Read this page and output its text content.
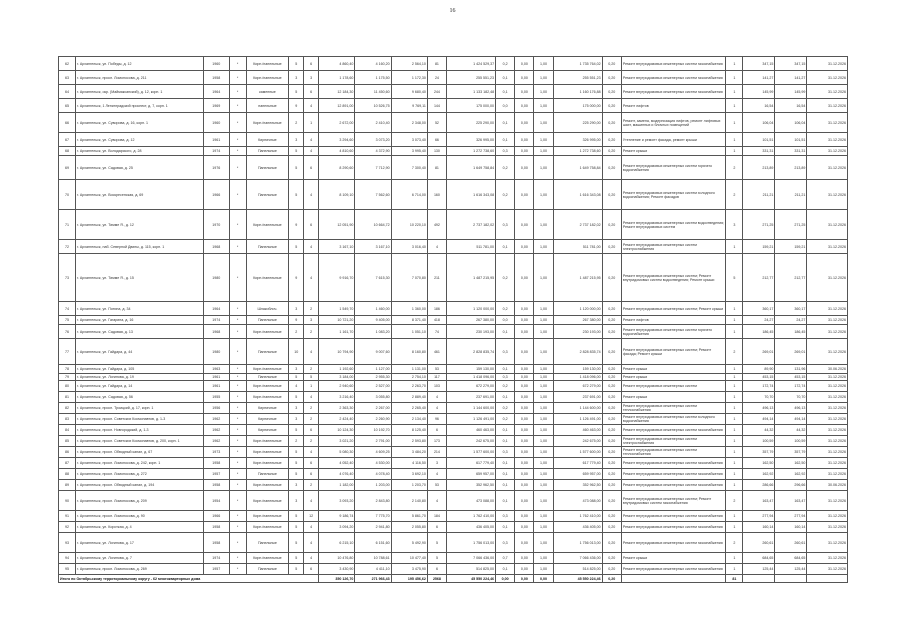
16
62	г. Архангельск, ул. Победы, д. 12	1960	*	Кирп./панельные	5	6	4 860,40	4 160,20	2 564,10	81	1 424 529,37	0,2	0,00	1,00	1 735 764,02	0,20	Ремонт внутридомовых инженерных систем газоснабжения	1	347,15	347,15	31.12.2026
63	г. Архангельск, просп. Ломоносова, д. 211	1958	*	Кирп./панельные	3	3	1 178,60	1 175,50	1 172,30	24	255 551,23	0,1	0,00	1,00	255 551,23	0,20	Ремонт внутридомовых инженерных систем газоснабжения	1	141,27	141,27	31.12.2026
64	г. Архангельск, окр. (Маймаксанский), д. 12, корп. 1	1964	*	каменные	5	6	12 184,30	11 450,60	9 680,40	244	1 133 182,48	0,1	0,00	1,00	1 160 176,88	0,20	Ремонт внутридомовых инженерных систем газоснабжения	1	145,99	145,99	31.12.2026
65	г. Архангельск, 1 Ленинградский проспект, д. 7, корп. 1	1969	*	панельные	9	4	12 891,00	10 526,75	9 769,11	144	175 000,00	0,0	0,00	1,00	175 000,00	0,20	Ремонт лифтов	1	16,54	16,54	31.12.2026
66	г. Архангельск, ул. Суворова, д. 16, корп. 1	1960	*	Кирп./панельные	2	1	2 672,00	2 410,40	2 348,00	52	225 290,00	0,1	0,00	1,00	225 290,00	0,20	Ремонт, замена, модернизация лифтов, ремонт лифтовых шахт, машинных и блочных помещений	1	106,04	106,04	31.12.2026
67	г. Архангельск, ул. Суворова, д. 12	1961	*	Кирпичные	3	4	3 294,60	3 073,20	3 073,40	66	326 995,00	0,1	0,00	1,00	326 995,00	0,20	Утепление и ремонт фасада, ремонт крыши	1	101,51	101,51	31.12.2026
68	г. Архангельск, ул. Володарского, д. 28	1974	*	Панельные	5	4	4 810,60	4 372,90	3 995,40	130	1 272 738,60	0,3	0,00	1,00	1 272 738,60	0,20	Ремонт крыши	1	331,31	331,31	31.12.2026
69	г. Архангельск, ул. Садовая, д. 25	1976	*	Панельные	5	6	8 290,60	7 712,90	7 300,40	81	1 649 758,84	0,2	0,00	1,00	1 649 758,84	0,20	Ремонт внутридомовых инженерных систем горячего водоснабжения	2	213,89	213,89	31.12.2026
70	г. Архангельск, ул. Воскресенская, д. 69	1966	*	Панельные	5	4	8 109,10	7 562,60	6 714,00	160	1 616 343,08	0,2	0,00	1,00	1 616 343,08	0,20	Ремонт внутридомовых инженерных систем холодного водоснабжения; Ремонт фасадов	2	211,21	211,21	31.12.2026
71	г. Архангельск, ул. Тимме Я., д. 12	1970	*	Кирп./панельные	9	6	12 051,90	10 664,72	10 220,10	492	2 737 182,02	0,3	0,00	1,00	2 737 182,02	0,20	Ремонт внутридомовых инженерных систем водоотведения; Ремонт внутридомовых систем	3	271,25	271,25	31.12.2026
72	г. Архангельск, наб. Северной Двины, д. 115, корп. 1	1968	*	Панельные	5	4	3 167,10	3 167,10	3 016,40	4	511 781,00	0,1	0,00	1,00	511 781,00	0,20	Ремонт внутридомовых инженерных систем электроснабжения	1	159,21	159,21	31.12.2026
73	г. Архангельск, ул. Тимме Я., д. 15	1980	*	Кирп./панельные	9	4	9 916,70	7 615,30	7 070,80	211	1 487 215,95	0,2	0,00	1,00	1 487 215,95	0,20	Ремонт внутридомовых инженерных систем; Ремонт внутридомовых систем водоотведения; Ремонт крыши	5	212,77	212,77	31.12.2026
74	г. Архангельск, ул. Потина, д. 34	1964	*	Шлакоблоч.	3	2	1 549,70	1 460,00	1 360,00	186	1 120 000,00	0,2	0,00	1,00	1 120 000,00	0,20	Ремонт внутридомовых инженерных систем; Ремонт крыши	1	360,17	360,17	31.12.2026
75	г. Архангельск, ул. Гагарина, д. 16	1974	*	Панельные	9	3	10 721,20	9 405,00	8 371,40	418	267 380,00	0,0	0,00	1,00	267 380,00	0,20	Ремонт лифтов	1	24,27	24,27	31.12.2026
76	г. Архангельск, ул. Садовая, д. 13	1968	*	Кирп./панельные	2	2	1 161,70	1 083,20	1 051,10	74	230 193,00	0,1	0,00	1,00	230 193,00	0,20	Ремонт внутридомовых инженерных систем горячего водоснабжения	1	186,45	186,45	31.12.2026
77	г. Архангельск, ул. Гайдара, д. 44	1980	*	Панельные	10	4	10 794,90	9 007,60	8 160,80	461	2 828 835,74	0,3	0,00	1,00	2 828 835,74	0,20	Ремонт внутридомовых инженерных систем; Ремонт фасада; Ремонт крыши	2	269,01	269,01	31.12.2026
78	г. Архангельск, ул. Гайдара, д. 105	1963	*	Кирп./панельные	3	2	1 192,60	1 127,00	1 131,00	53	159 130,00	0,1	0,00	1,00	159 130,00	0,20	Ремонт крыши	1	89,90	131,96	30.06.2026
79	г. Архангельск, ул. Логинова, д. 19	1961	*	Панельные	5	5	3 184,00	2 955,30	2 754,10	117	1 418 096,00	0,3	0,00	1,00	1 418 096,00	0,20	Ремонт крыши	1	453,15	453,15	31.12.2026
80	г. Архангельск, ул. Гайдара, д. 14	1961	*	Кирп./панельные	4	1	2 940,60	2 527,00	2 263,70	103	672 279,00	0,2	0,00	1,00	672 279,00	0,20	Ремонт внутридомовых инженерных систем	1	172,74	172,74	31.12.2026
81	г. Архангельск, ул. Садовая, д. 56	1955	*	Кирп./панельные	5	4	3 216,40	3 055,80	2 889,40	4	237 691,00	0,1	0,00	1,00	237 691,00	0,20	Ремонт крыши	1	70,70	70,70	31.12.2026
82	г. Архангельск, просп. Троицкий, д. 17, корп. 1	1956	*	Кирпичные	3	2	2 363,30	2 267,00	2 265,40	4	1 144 600,00	0,2	0,00	1,00	1 144 600,00	0,20	Ремонт внутридомовых инженерных систем теплоснабжения	1	496,13	496,13	31.12.2026
83	г. Архангельск, просп. Советских Космонавтов, д. 1-3	1962	*	Кирпичные	3	2	2 424,40	2 260,90	2 134,40	96	1 126 491,00	0,2	0,00	1,00	1 126 491,00	0,20	Ремонт внутридомовых инженерных систем холодного водоснабжения	1	494,14	494,14	31.12.2026
84	г. Архангельск, просп. Новгородский, д. 1-3	1962	*	Кирпичные	5	6	10 124,30	10 192,70	8 125,40	6	460 463,00	0,1	0,00	1,00	460 463,00	0,20	Ремонт внутридомовых инженерных систем газоснабжения	1	44,32	44,32	31.12.2026
85	г. Архангельск, просп. Советских Космонавтов, д. 200, корп. 1	1962	*	Кирп./панельные	2	2	3 021,20	2 791,00	2 593,80	173	242 675,00	0,1	0,00	1,00	242 675,00	0,20	Ремонт внутридомовых инженерных систем электроснабжения	1	100,59	100,59	31.12.2026
86	г. Архангельск, просп. Обводный канал, д. 67	1973	*	Кирп./панельные	5	4	5 080,30	4 609,25	3 484,20	214	1 577 600,00	0,3	0,00	1,00	1 577 600,00	0,20	Ремонт внутридомовых инженерных систем теплоснабжения	1	357,79	357,79	31.12.2026
87	г. Архангельск, просп. Ломоносова, д. 242, корп. 1	1958	*	Кирп./панельные	5	6	4 052,40	4 530,00	4 116,50	3	617 779,40	0,1	0,00	1,00	617 779,40	0,20	Ремонт внутридомовых инженерных систем газоснабжения	1	162,50	162,50	31.12.2026
88	г. Архангельск, просп. Ломоносова, д. 272	1957	*	Панельные	5	6	4 076,40	4 078,40	3 692,10	4	659 957,00	0,1	0,00	1,00	659 957,00	0,20	Ремонт внутридомовых инженерных систем газоснабжения	1	162,92	162,92	31.12.2026
89	г. Архангельск, просп. Обводный канал, д. 194	1958	*	Кирп./панельные	3	2	1 182,00	1 203,00	1 203,70	53	352 962,50	0,1	0,00	1,00	352 962,50	0,20	Ремонт внутридомовых инженерных систем газоснабжения	1	286,66	296,66	30.06.2026
90	г. Архангельск, просп. Ломоносова, д. 209	1954	*	Кирп./панельные	3	4	3 093,20	2 843,80	2 140,80	4	473 088,00	0,1	0,00	1,00	473 088,00	0,20	Ремонт внутридомовых инженерных систем; Ремонт внутридомовых систем газоснабжения	2	163,47	163,47	31.12.2026
91	г. Архангельск, просп. Ломоносова, д. 90	1966	*	Кирп./панельные	5	12	9 186,74	7 775,70	5 861,70	184	1 762 410,00	0,3	0,00	1,00	1 762 410,00	0,20	Ремонт внутридомовых инженерных систем газоснабжения	1	277,94	277,94	31.12.2026
92	г. Архангельск, ул. Короткая, д. 4	1958	*	Кирп./панельные	5	4	3 094,20	2 941,80	2 055,80	6	436 405,00	0,1	0,00	1,00	436 405,00	0,20	Ремонт внутридомовых инженерных систем газоснабжения	1	160,14	160,14	31.12.2026
93	г. Архангельск, ул. Логинова, д. 17	1958	*	Панельные	5	4	6 215,10	6 151,60	5 492,90	5	1 756 013,00	0,3	0,00	1,00	1 756 013,00	0,20	Ремонт внутридомовых инженерных систем газоснабжения	2	260,61	260,61	31.12.2026
94	г. Архангельск, ул. Логинова, д. 7	1974	*	Кирп./панельные	5	4	10 476,80	10 788,61	10 477,40	5	7 066 436,00	0,7	0,00	1,00	7 066 436,00	0,20	Ремонт крыши	1	684,65	684,65	31.12.2026
95	г. Архангельск, просп. Ломоносова, д. 269	1957	*	Панельные	5	6	3 430,90	4 411,10	3 475,90	6	514 825,00	0,1	0,00	1,00	514 825,00	0,20	Ремонт внутридомовых инженерных систем газоснабжения	1	125,44	125,44	31.12.2026
Итого по Октябрьскому территориальному округу - 62 многоквартирных дома							350 126,70	271 966,43	195 456,62	2568	45 550 224,46	0,00	0,00	0,00	45 550 224,46	0,20		81			
